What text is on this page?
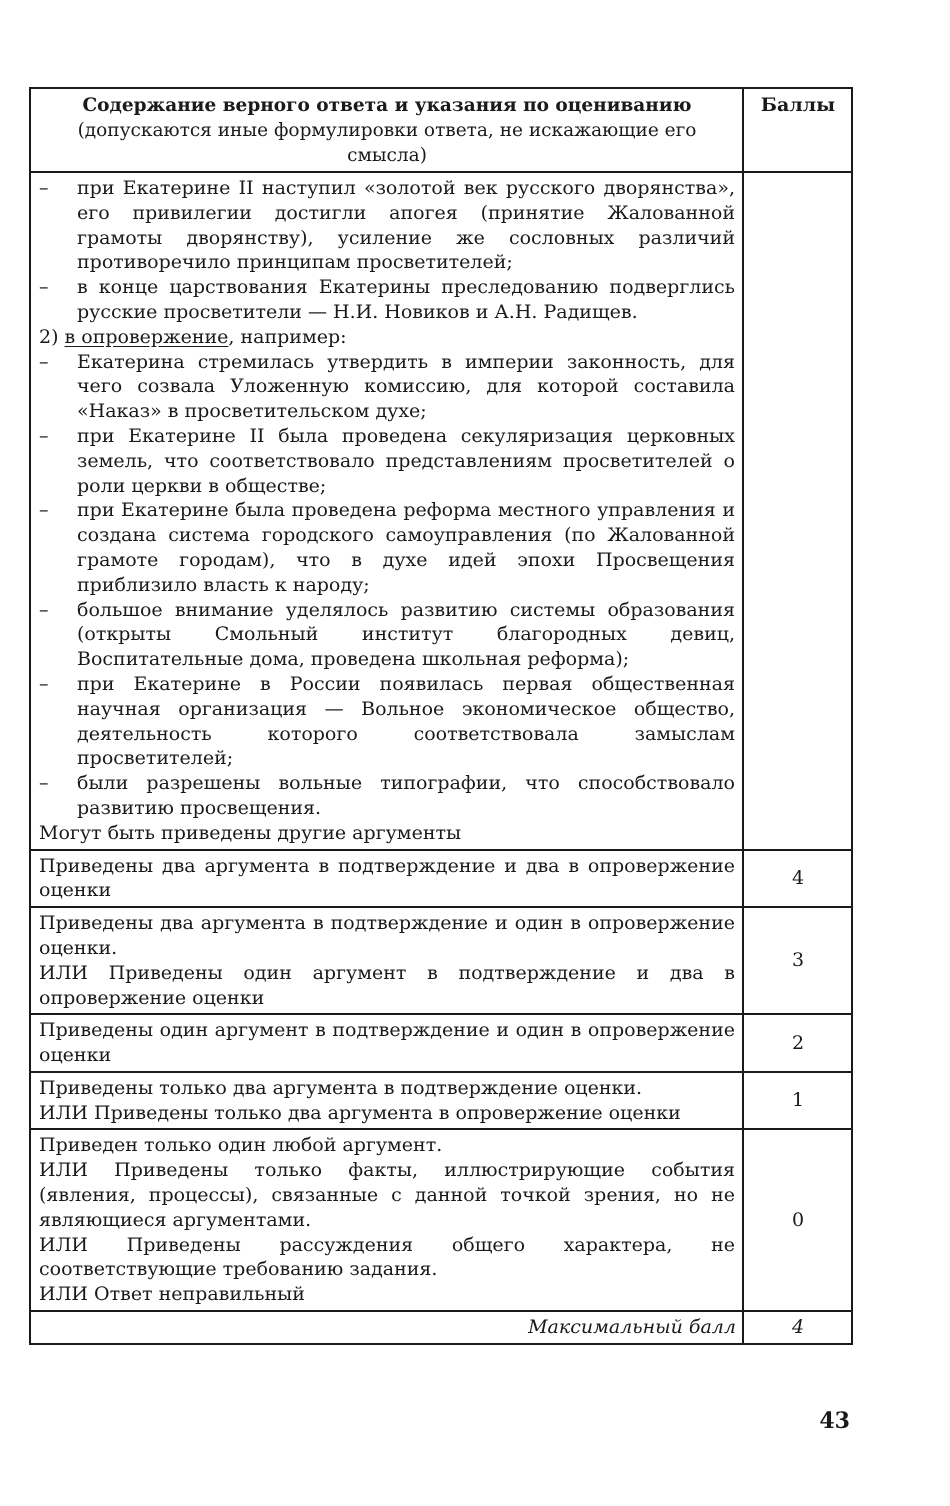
Содержание верного ответа и указания по оцениванию
(допускаются иные формулировки ответа, не искажающие его смысла)
Баллы
– при Екатерине II наступил «золотой век русского дворянства», его привилегии достигли апогея (принятие Жалованной грамоты дворянству), усиление же сословных различий противоречило принципам просветителей;
– в конце царствования Екатерины преследованию подверглись русские просветители — Н.И. Новиков и А.Н. Радищев.
2) в опровержение, например:
– Екатерина стремилась утвердить в империи законность, для чего созвала Уложенную комиссию, для которой составила «Наказ» в просветительском духе;
– при Екатерине II была проведена секуляризация церковных земель, что соответствовало представлениям просветителей о роли церкви в обществе;
– при Екатерине была проведена реформа местного управления и создана система городского самоуправления (по Жалованной грамоте городам), что в духе идей эпохи Просвещения приблизило власть к народу;
– большое внимание уделялось развитию системы образования (открыты Смольный институт благородных девиц, Воспитательные дома, проведена школьная реформа);
– при Екатерине в России появилась первая общественная научная организация — Вольное экономическое общество, деятельность которого соответствовала замыслам просветителей;
– были разрешены вольные типографии, что способствовало развитию просвещения.
Могут быть приведены другие аргументы
Приведены два аргумента в подтверждение и два в опровержение оценки
4
Приведены два аргумента в подтверждение и один в опровержение оценки.
ИЛИ Приведены один аргумент в подтверждение и два в опровержение оценки
3
Приведены один аргумент в подтверждение и один в опровержение оценки
2
Приведены только два аргумента в подтверждение оценки.
ИЛИ Приведены только два аргумента в опровержение оценки
1
Приведен только один любой аргумент.
ИЛИ Приведены только факты, иллюстрирующие события (явления, процессы), связанные с данной точкой зрения, но не являющиеся аргументами.
ИЛИ Приведены рассуждения общего характера, не соответствующие требованию задания.
ИЛИ Ответ неправильный
0
Максимальный балл	4
43
